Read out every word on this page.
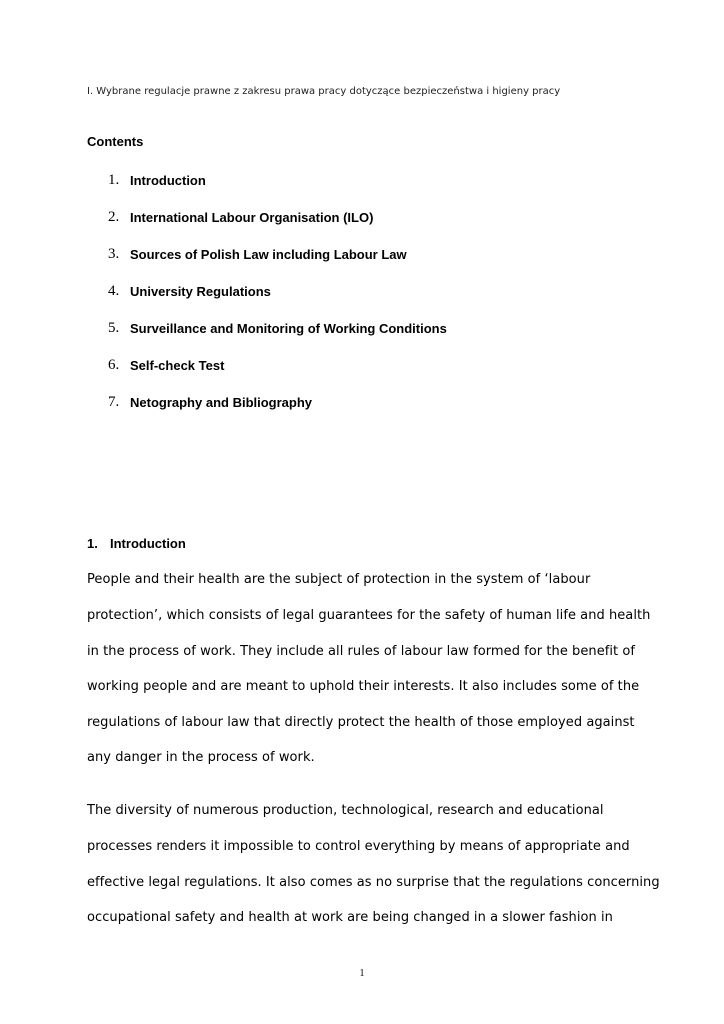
I. Wybrane regulacje prawne z zakresu prawa pracy dotyczące bezpieczeństwa i higieny pracy
Contents
1. Introduction
2. International Labour Organisation (ILO)
3. Sources of Polish Law including Labour Law
4. University Regulations
5. Surveillance and Monitoring of Working Conditions
6. Self-check Test
7. Netography and Bibliography
1. Introduction
People and their health are the subject of protection in the system of ‘labour
protection’, which consists of legal guarantees for the safety of human life and health
in the process of work. They include all rules of labour law formed for the benefit of
working people and are meant to uphold their interests. It also includes some of the
regulations of labour law that directly protect the health of those employed against
any danger in the process of work.
The diversity of numerous production, technological, research and educational
processes renders it impossible to control everything by means of appropriate and
effective legal regulations. It also comes as no surprise that the regulations concerning
occupational safety and health at work are being changed in a slower fashion in
1
